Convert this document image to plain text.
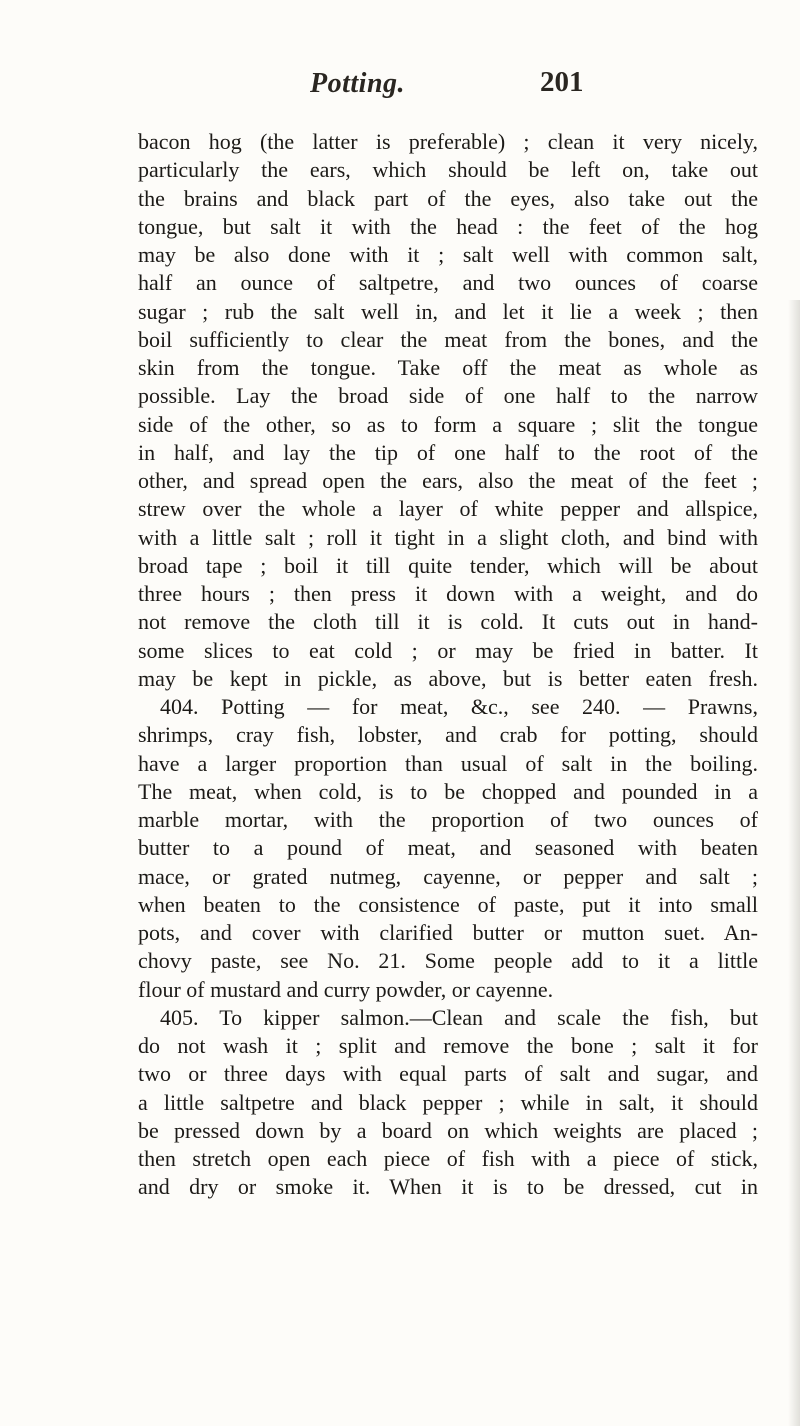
Potting.	201
bacon hog (the latter is preferable) ; clean it very nicely,
particularly the ears, which should be left on, take out
the brains and black part of the eyes, also take out the
tongue, but salt it with the head : the feet of the hog
may be also done with it ; salt well with common salt,
half an ounce of saltpetre, and two ounces of coarse
sugar ; rub the salt well in, and let it lie a week ; then
boil sufficiently to clear the meat from the bones, and the
skin from the tongue. Take off the meat as whole as
possible. Lay the broad side of one half to the narrow
side of the other, so as to form a square ; slit the tongue
in half, and lay the tip of one half to the root of the
other, and spread open the ears, also the meat of the feet ;
strew over the whole a layer of white pepper and allspice,
with a little salt ; roll it tight in a slight cloth, and bind with
broad tape ; boil it till quite tender, which will be about
three hours ; then press it down with a weight, and do
not remove the cloth till it is cold. It cuts out in hand-
some slices to eat cold ; or may be fried in batter. It
may be kept in pickle, as above, but is better eaten fresh.
404. Potting — for meat, &c., see 240. — Prawns,
shrimps, cray fish, lobster, and crab for potting, should
have a larger proportion than usual of salt in the boiling.
The meat, when cold, is to be chopped and pounded in a
marble mortar, with the proportion of two ounces of
butter to a pound of meat, and seasoned with beaten
mace, or grated nutmeg, cayenne, or pepper and salt ;
when beaten to the consistence of paste, put it into small
pots, and cover with clarified butter or mutton suet. An-
chovy paste, see No. 21. Some people add to it a little
flour of mustard and curry powder, or cayenne.
405. To kipper salmon.—Clean and scale the fish, but
do not wash it ; split and remove the bone ; salt it for
two or three days with equal parts of salt and sugar, and
a little saltpetre and black pepper ; while in salt, it should
be pressed down by a board on which weights are placed ;
then stretch open each piece of fish with a piece of stick,
and dry or smoke it. When it is to be dressed, cut in
